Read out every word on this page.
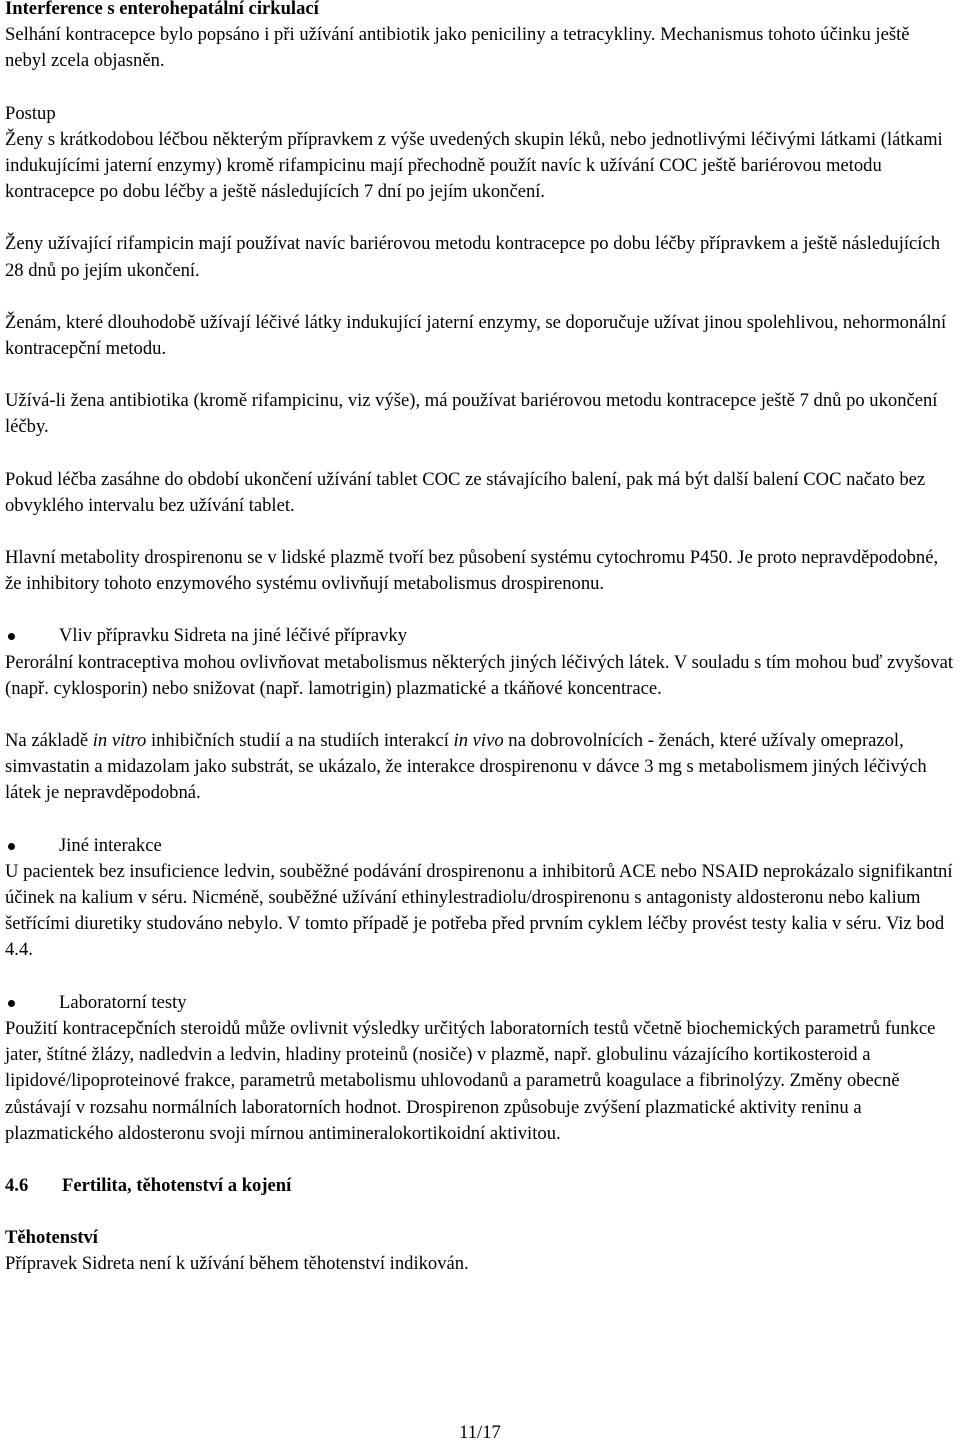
Interference s enterohepatální cirkulací

Selhání kontracepce bylo popsáno i při užívání antibiotik jako peniciliny a tetracykliny. Mechanismus tohoto účinku ještě nebyl zcela objasněn.

Postup

Ženy s krátkodobou léčbou některým přípravkem z výše uvedených skupin léků, nebo jednotlivými léčivými látkami (látkami indukujícími jaterní enzymy) kromě rifampicinu mají přechodně použít navíc k užívání COC ještě bariérovou metodu kontracepce po dobu léčby a ještě následujících 7 dní po jejím ukončení.

Ženy užívající rifampicin mají používat navíc bariérovou metodu kontracepce po dobu léčby přípravkem a ještě následujících 28 dnů po jejím ukončení.

Ženám, které dlouhodobě užívají léčivé látky indukující jaterní enzymy, se doporučuje užívat jinou spolehlivou, nehormonální kontracepční metodu.

Užívá-li žena antibiotika (kromě rifampicinu, viz výše), má používat bariérovou metodu kontracepce ještě 7 dnů po ukončení léčby.

Pokud léčba zasáhne do období ukončení užívání tablet COC ze stávajícího balení, pak má být další balení COC načato bez obvyklého intervalu bez užívání tablet.

Hlavní metabolity drospirenonu se v lidské plazmě tvoří bez působení systému cytochromu P450. Je proto nepravděpodobné, že inhibitory tohoto enzymového systému ovlivňují metabolismus drospirenonu.

Vliv přípravku Sidreta na jiné léčivé přípravky

Perorální kontraceptiva mohou ovlivňovat metabolismus některých jiných léčivých látek. V souladu s tím mohou buď zvyšovat (např. cyklosporin) nebo snižovat (např. lamotrigin) plazmatické a tkáňové koncentrace.

Na základě in vitro inhibičních studií a na studiích interakcí in vivo na dobrovolnících - ženách, které užívaly omeprazol, simvastatin a midazolam jako substrát, se ukázalo, že interakce drospirenonu v dávce 3 mg s metabolismem jiných léčivých látek je nepravděpodobná.

Jiné interakce

U pacientek bez insuficience ledvin, souběžné podávání drospirenonu a inhibitorů ACE nebo NSAID neprokázalo signifikantní účinek na kalium v séru. Nicméně, souběžné užívání ethinylestradiolu/drospirenonu s antagonisty aldosteronu nebo kalium šetřícími diuretiky studováno nebylo. V tomto případě je potřeba před prvním cyklem léčby provést testy kalia v séru. Viz bod 4.4.

Laboratorní testy

Použití kontracepčních steroidů může ovlivnit výsledky určitých laboratorních testů včetně biochemických parametrů funkce jater, štítné žlázy, nadledvin a ledvin, hladiny proteinů (nosiče) v plazmě, např. globulinu vázajícího kortikosteroid a lipidové/lipoproteinové frakce, parametrů metabolismu uhlovodanů a parametrů koagulace a fibrinolýzy. Změny obecně zůstávají v rozsahu normálních laboratorních hodnot. Drospirenon způsobuje zvýšení plazmatické aktivity reninu a plazmatického aldosteronu svoji mírnou antimineralokortikoidní aktivitou.

4.6 Fertilita, těhotenství a kojení

Těhotenství

Přípravek Sidreta není k užívání během těhotenství indikován.

11/17
